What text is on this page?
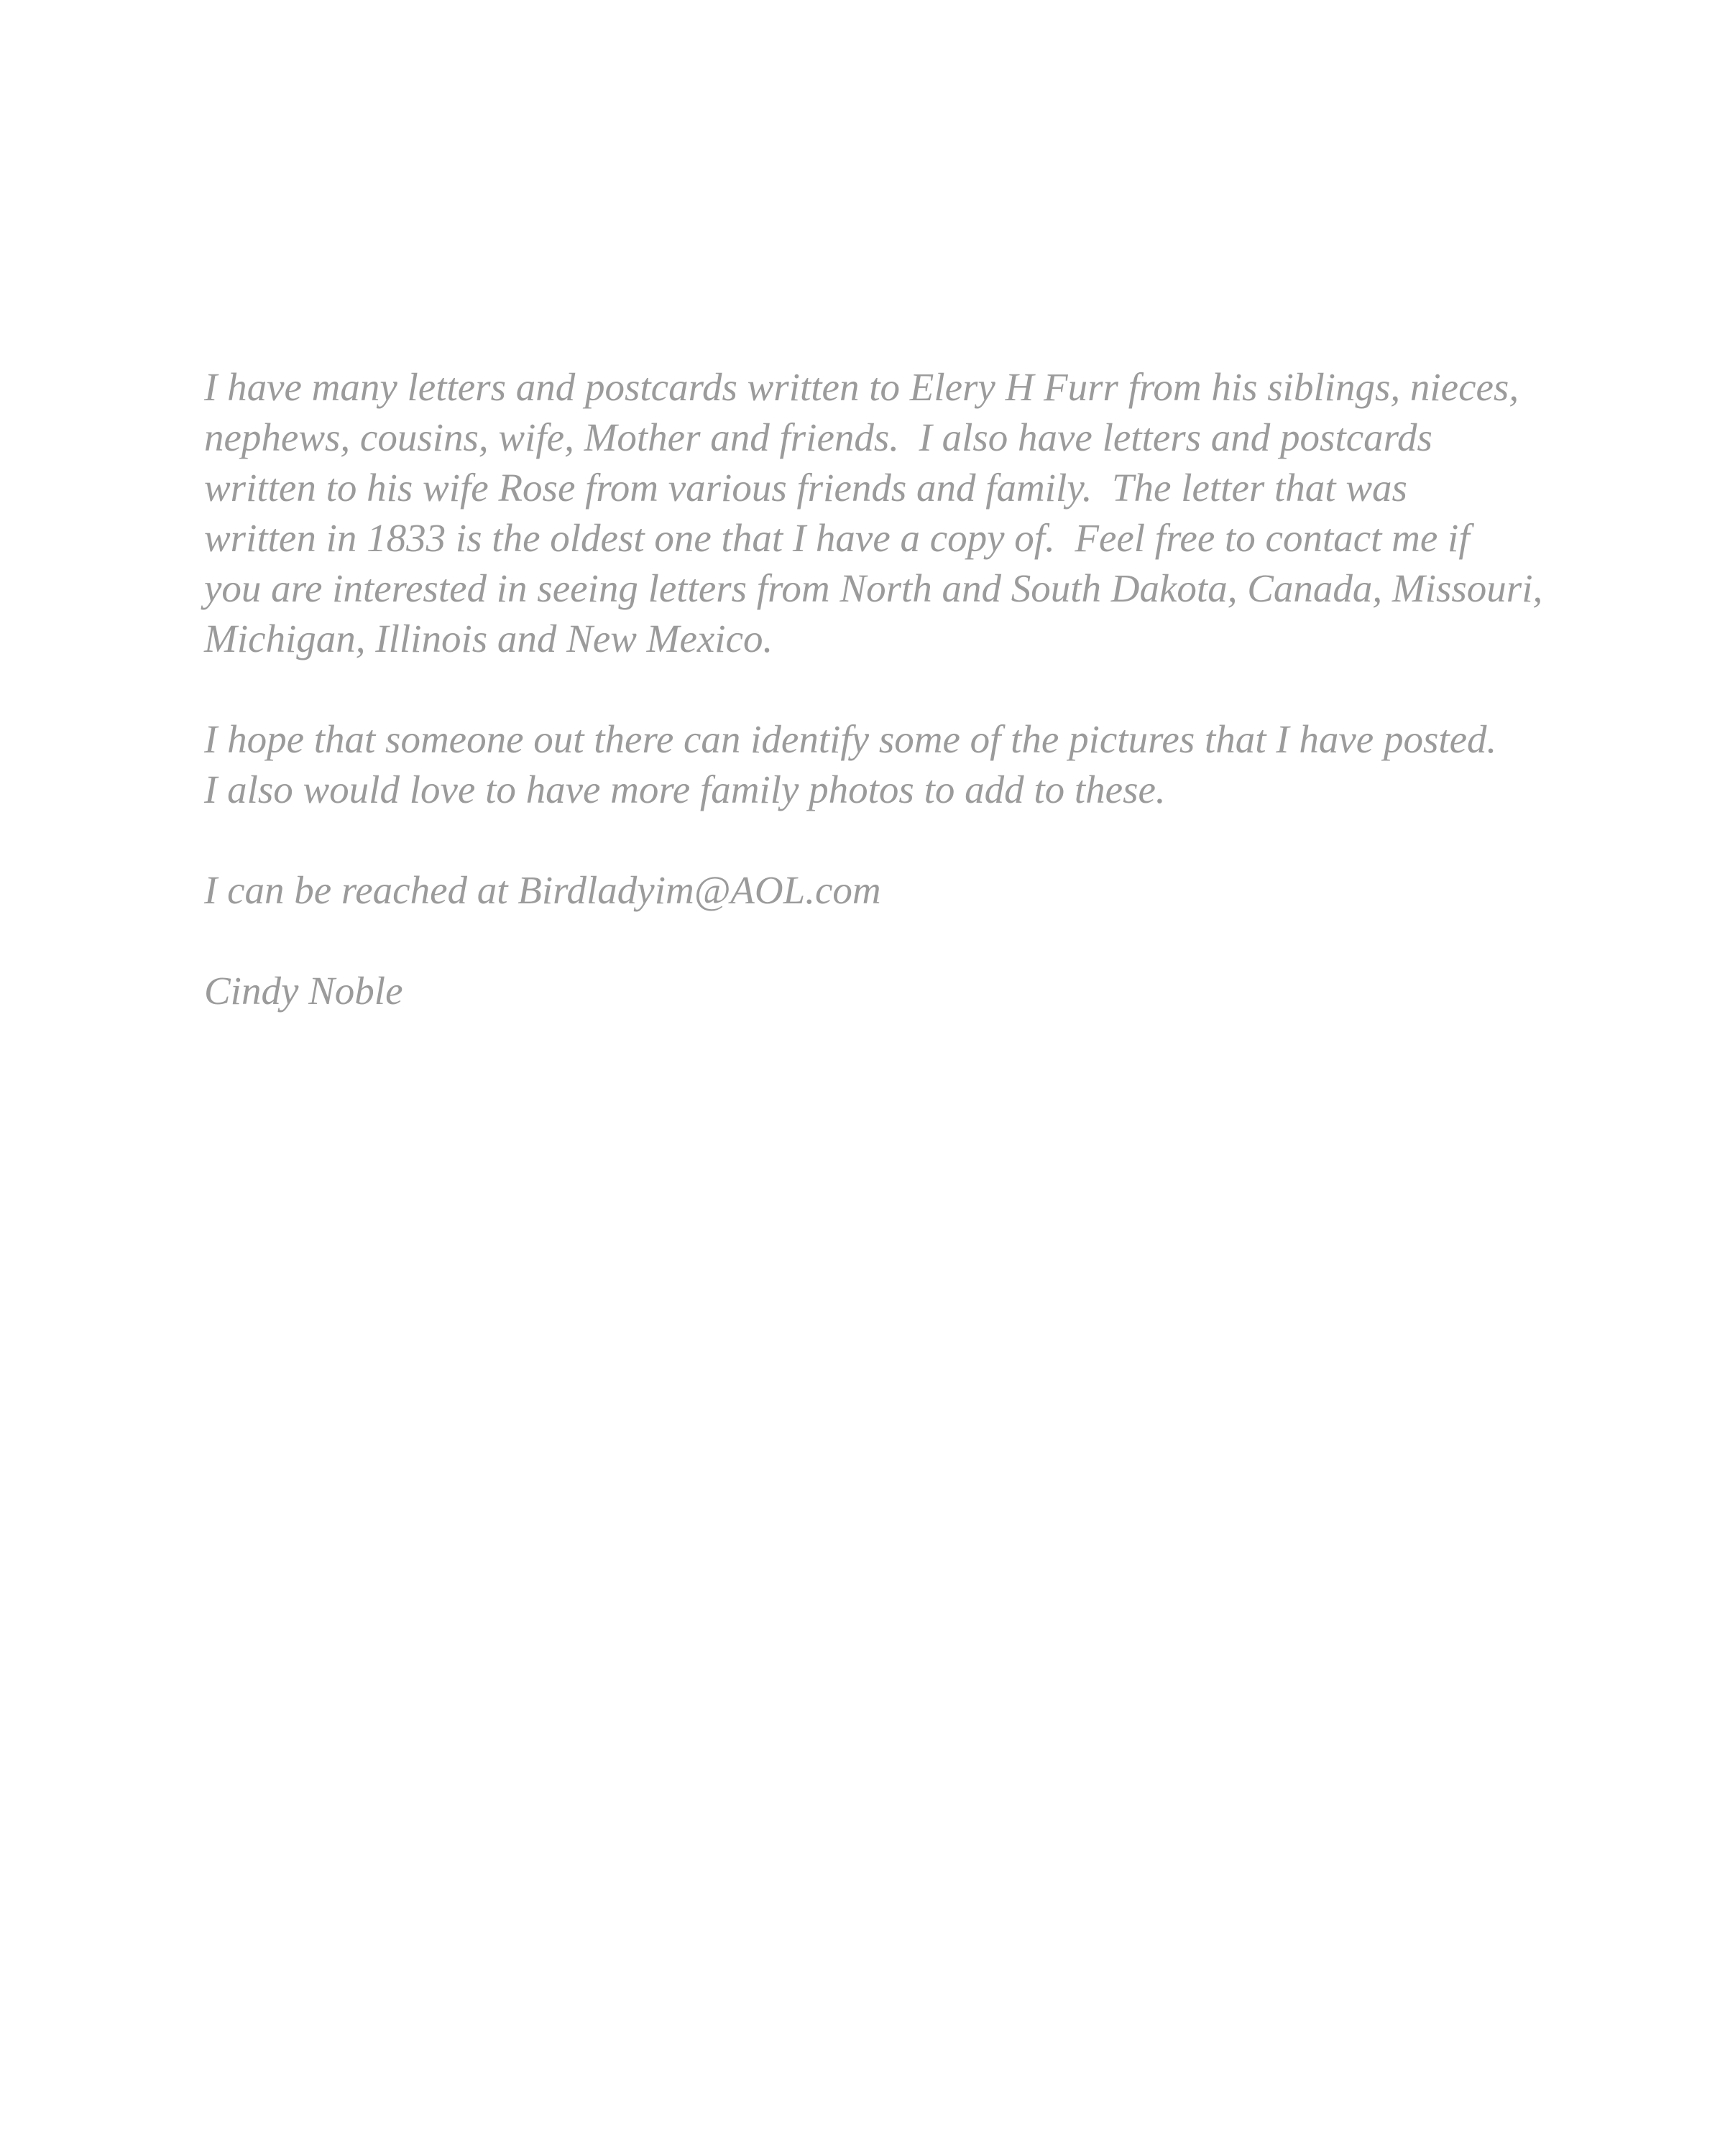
I have many letters and postcards written to Elery H Furr from his siblings, nieces,
nephews, cousins, wife, Mother and friends.  I also have letters and postcards
written to his wife Rose from various friends and family.  The letter that was
written in 1833 is the oldest one that I have a copy of.  Feel free to contact me if
you are interested in seeing letters from North and South Dakota, Canada, Missouri,
Michigan, Illinois and New Mexico.
I hope that someone out there can identify some of the pictures that I have posted.
I also would love to have more family photos to add to these.
I can be reached at Birdladyim@AOL.com
Cindy Noble
